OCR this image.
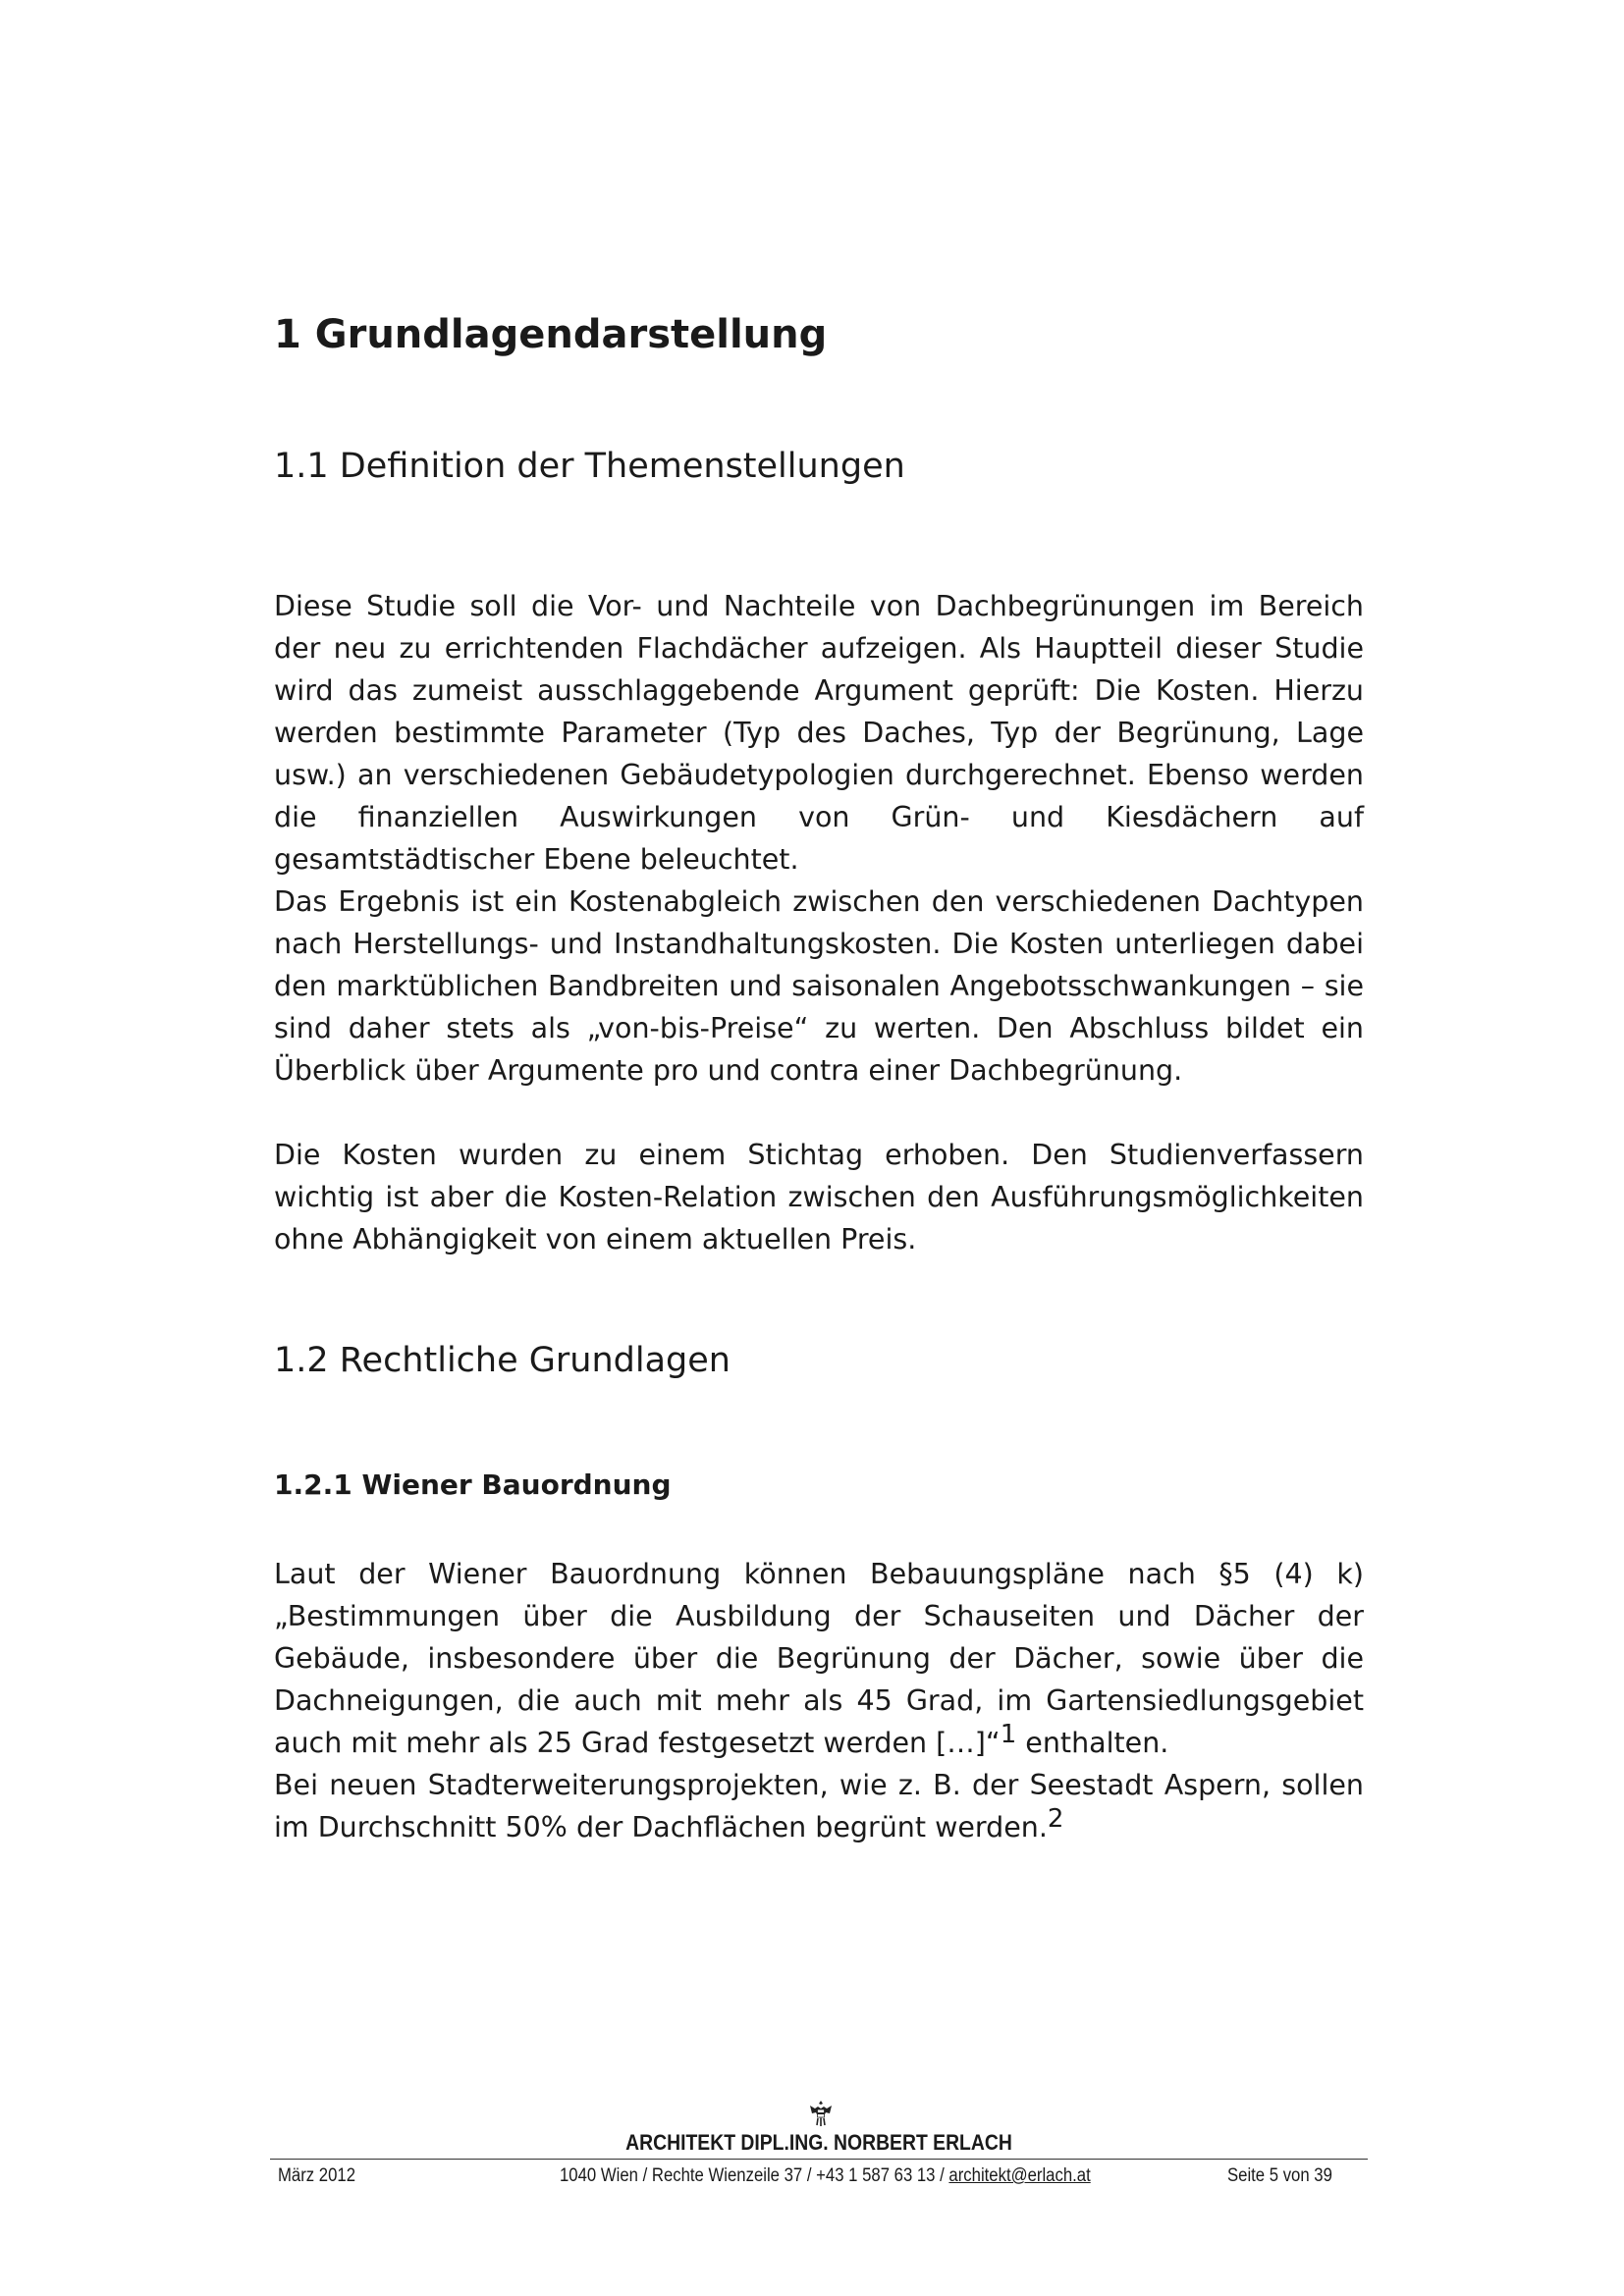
1 Grundlagendarstellung
1.1 Definition der Themenstellungen

Diese Studie soll die Vor- und Nachteile von Dachbegrünungen im Bereich der neu zu errichtenden Flachdächer aufzeigen. Als Hauptteil dieser Studie wird das zumeist ausschlaggebende Argument geprüft: Die Kosten. Hierzu werden bestimmte Parameter (Typ des Daches, Typ der Begrünung, Lage usw.) an verschiedenen Gebäudetypologien durchgerechnet. Ebenso werden die finanziellen Auswirkungen von Grün- und Kiesdächern auf gesamtstädtischer Ebene beleuchtet.

Das Ergebnis ist ein Kostenabgleich zwischen den verschiedenen Dachtypen nach Herstellungs- und Instandhaltungskosten. Die Kosten unterliegen dabei den marktüblichen Bandbreiten und saisonalen Angebotsschwankungen – sie sind daher stets als „von-bis-Preise“ zu werten. Den Abschluss bildet ein Überblick über Argumente pro und contra einer Dachbegrünung.

Die Kosten wurden zu einem Stichtag erhoben. Den Studienverfassern wichtig ist aber die Kosten-Relation zwischen den Ausführungsmöglichkeiten ohne Abhängigkeit von einem aktuellen Preis.

1.2 Rechtliche Grundlagen
1.2.1 Wiener Bauordnung

Laut der Wiener Bauordnung können Bebauungspläne nach §5 (4) k) „Bestimmungen über die Ausbildung der Schauseiten und Dächer der Gebäude, insbesondere über die Begrünung der Dächer, sowie über die Dachneigungen, die auch mit mehr als 45 Grad, im Gartensiedlungsgebiet auch mit mehr als 25 Grad festgesetzt werden […]“$^1$ enthalten.

Bei neuen Stadterweiterungsprojekten, wie z. B. der Seestadt Aspern, sollen im Durchschnitt 50% der Dachflächen begrünt werden.$^2$

ARCHITEKT DIPL.ING. NORBERT ERLACH
März 2012	1040 Wien / Rechte Wienzeile 37 / +43 1 587 63 13 / architekt@erlach.at	Seite 5 von 39
